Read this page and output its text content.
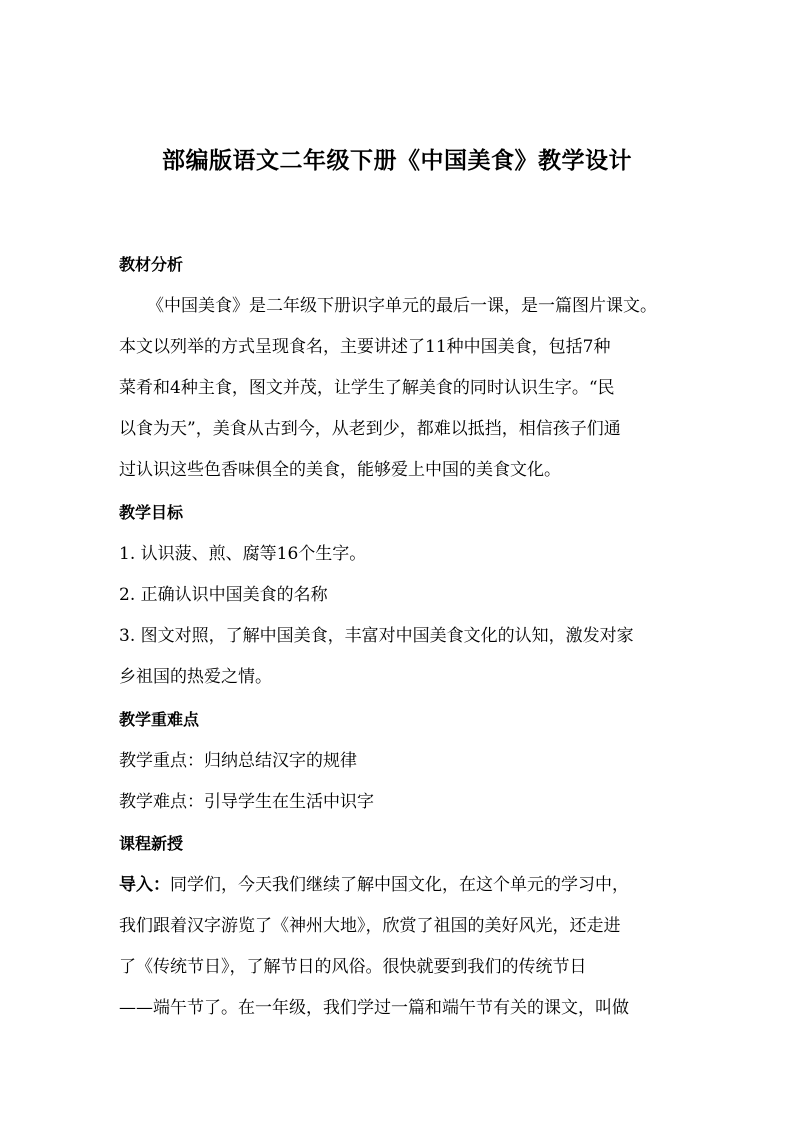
部编版语文二年级下册《中国美食》教学设计
教材分析
《中国美食》是二年级下册识字单元的最后一课，是一篇图片课文。
本文以列举的方式呈现食名，主要讲述了11种中国美食，包括7种
菜肴和4种主食，图文并茂，让学生了解美食的同时认识生字。“民
以食为天”，美食从古到今，从老到少，都难以抵挡，相信孩子们通
过认识这些色香味俱全的美食，能够爱上中国的美食文化。
教学目标
1. 认识菠、煎、腐等16个生字。
2. 正确认识中国美食的名称
3. 图文对照，了解中国美食，丰富对中国美食文化的认知，激发对家
乡祖国的热爱之情。
教学重难点
教学重点：归纳总结汉字的规律
教学难点：引导学生在生活中识字
课程新授
导入：同学们，今天我们继续了解中国文化，在这个单元的学习中，
我们跟着汉字游览了《神州大地》，欣赏了祖国的美好风光，还走进
了《传统节日》，了解节日的风俗。很快就要到我们的传统节日
——端午节了。在一年级，我们学过一篇和端午节有关的课文，叫做
